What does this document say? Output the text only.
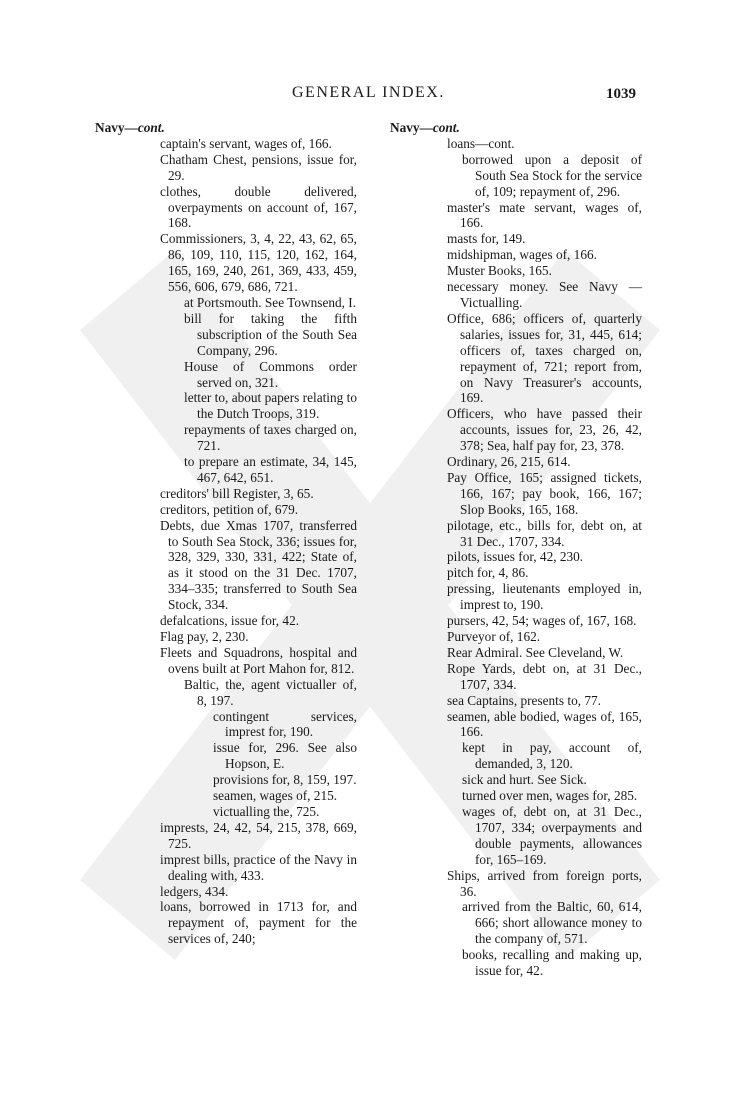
GENERAL INDEX.	1039

Navy—cont.

captain's servant, wages of, 166.

Chatham Chest, pensions, issue for, 29.

clothes, double delivered, overpayments on account of, 167, 168.

Commissioners, 3, 4, 22, 43, 62, 65, 86, 109, 110, 115, 120, 162, 164, 165, 169, 240, 261, 369, 433, 459, 556, 606, 679, 686, 721.

at Portsmouth. See Townsend, I.

bill for taking the fifth subscription of the South Sea Company, 296.

House of Commons order served on, 321.

letter to, about papers relating to the Dutch Troops, 319.

repayments of taxes charged on, 721.

to prepare an estimate, 34, 145, 467, 642, 651.

creditors' bill Register, 3, 65.

creditors, petition of, 679.

Debts, due Xmas 1707, transferred to South Sea Stock, 336; issues for, 328, 329, 330, 331, 422; State of, as it stood on the 31 Dec. 1707, 334–335; transferred to South Sea Stock, 334.

defalcations, issue for, 42.

Flag pay, 2, 230.

Fleets and Squadrons, hospital and ovens built at Port Mahon for, 812.

Baltic, the, agent victualler of, 8, 197.

contingent services, imprest for, 190.

issue for, 296. See also Hopson, E.

provisions for, 8, 159, 197.

seamen, wages of, 215.

victualling the, 725.

imprests, 24, 42, 54, 215, 378, 669, 725.

imprest bills, practice of the Navy in dealing with, 433.

ledgers, 434.

loans, borrowed in 1713 for, and repayment of, payment for the services of, 240;

Navy—cont.

loans—cont.

borrowed upon a deposit of South Sea Stock for the service of, 109; repayment of, 296.

master's mate servant, wages of, 166.

masts for, 149.

midshipman, wages of, 166.

Muster Books, 165.

necessary money. See Navy —Victualling.

Office, 686; officers of, quarterly salaries, issues for, 31, 445, 614; officers of, taxes charged on, repayment of, 721; report from, on Navy Treasurer's accounts, 169.

Officers, who have passed their accounts, issues for, 23, 26, 42, 378; Sea, half pay for, 23, 378.

Ordinary, 26, 215, 614.

Pay Office, 165; assigned tickets, 166, 167; pay book, 166, 167; Slop Books, 165, 168.

pilotage, etc., bills for, debt on, at 31 Dec., 1707, 334.

pilots, issues for, 42, 230.

pitch for, 4, 86.

pressing, lieutenants employed in, imprest to, 190.

pursers, 42, 54; wages of, 167, 168.

Purveyor of, 162.

Rear Admiral. See Cleveland, W.

Rope Yards, debt on, at 31 Dec., 1707, 334.

sea Captains, presents to, 77.

seamen, able bodied, wages of, 165, 166.

kept in pay, account of, demanded, 3, 120.

sick and hurt. See Sick.

turned over men, wages for, 285.

wages of, debt on, at 31 Dec., 1707, 334; overpayments and double payments, allowances for, 165–169.

Ships, arrived from foreign ports, 36.

arrived from the Baltic, 60, 614, 666; short allowance money to the company of, 571.

books, recalling and making up, issue for, 42.
